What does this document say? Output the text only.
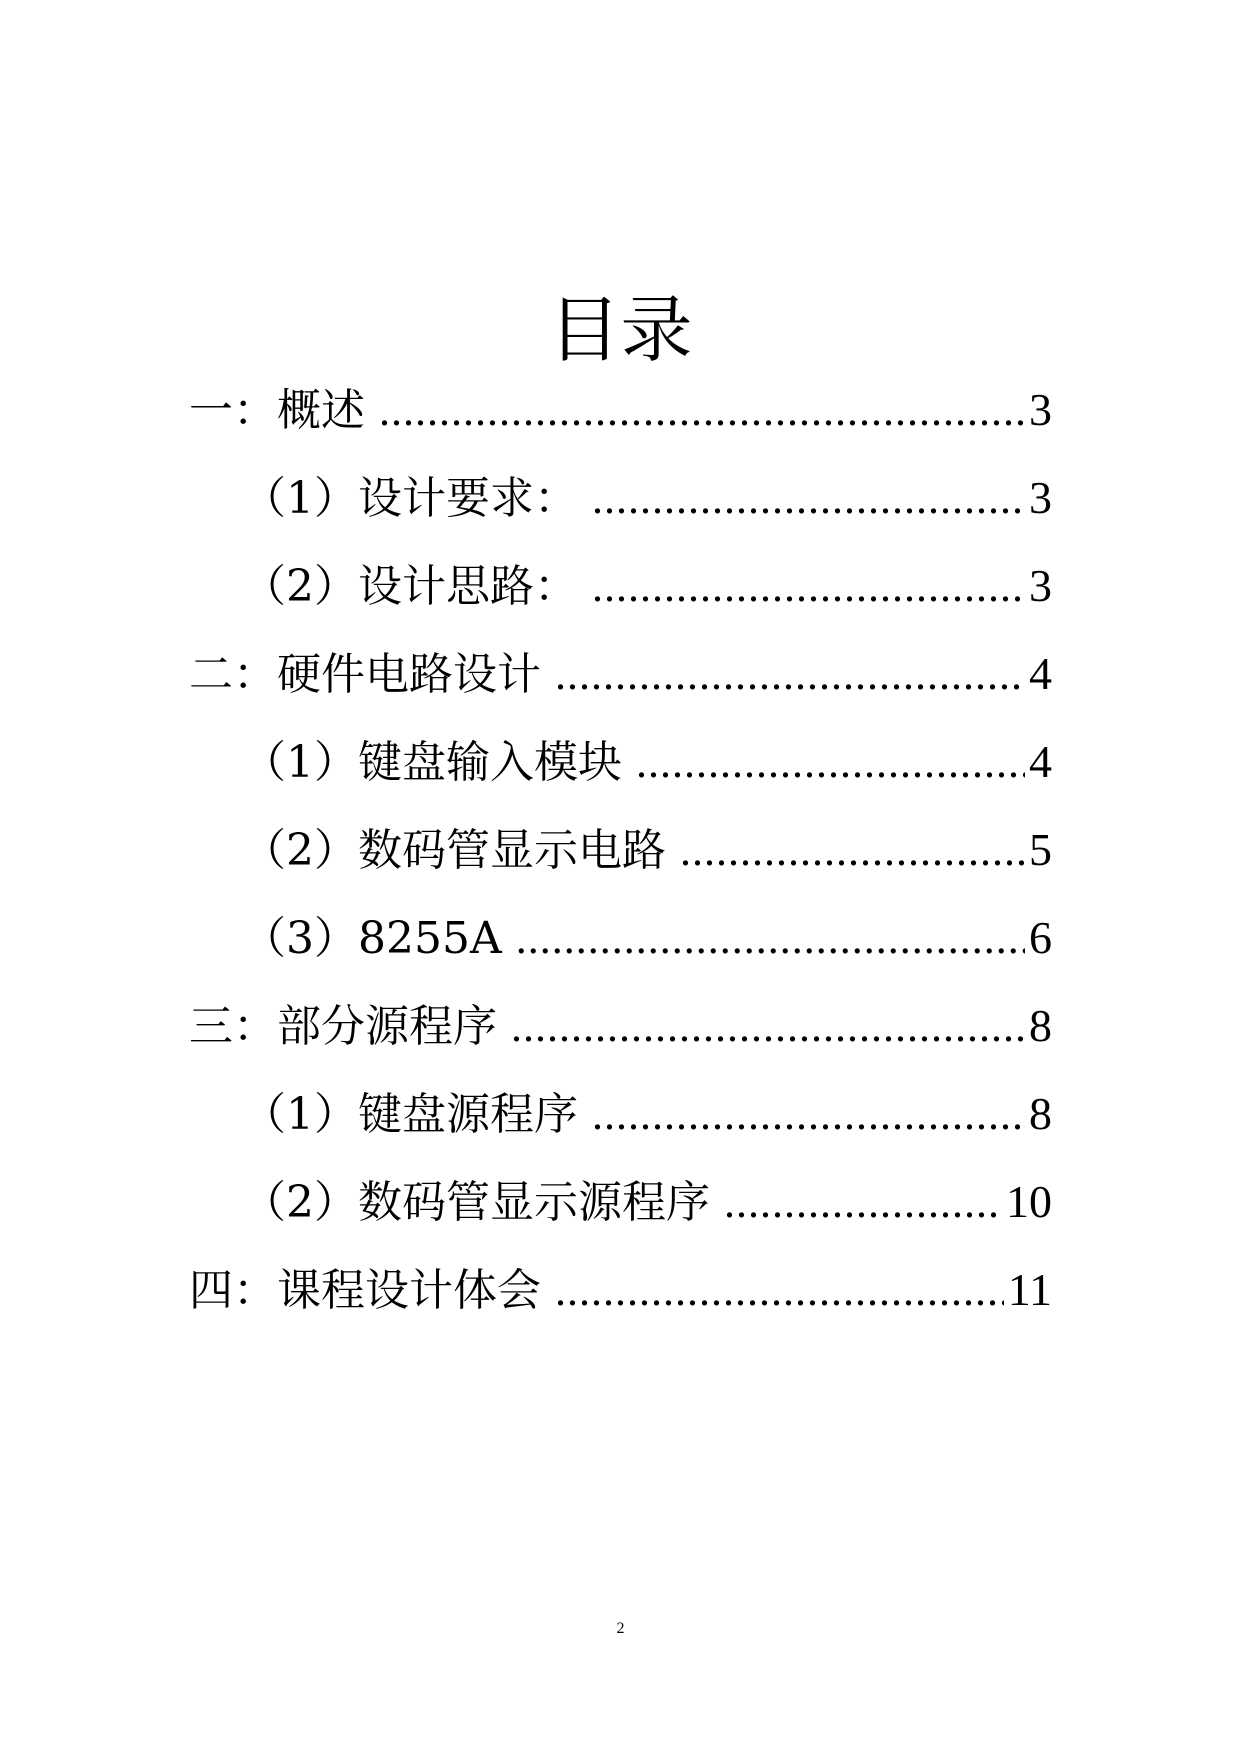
目录
一：概述 .....	3
（1）设计要求： .....	3
（2）设计思路： .....	3
二：硬件电路设计 .....	4
（1）键盘输入模块 .....	4
（2）数码管显示电路 .....	5
（3）8255A .....	6
三：部分源程序 .....	8
（1）键盘源程序 .....	8
（2）数码管显示源程序 .....	10
四：课程设计体会 .....	11
2
